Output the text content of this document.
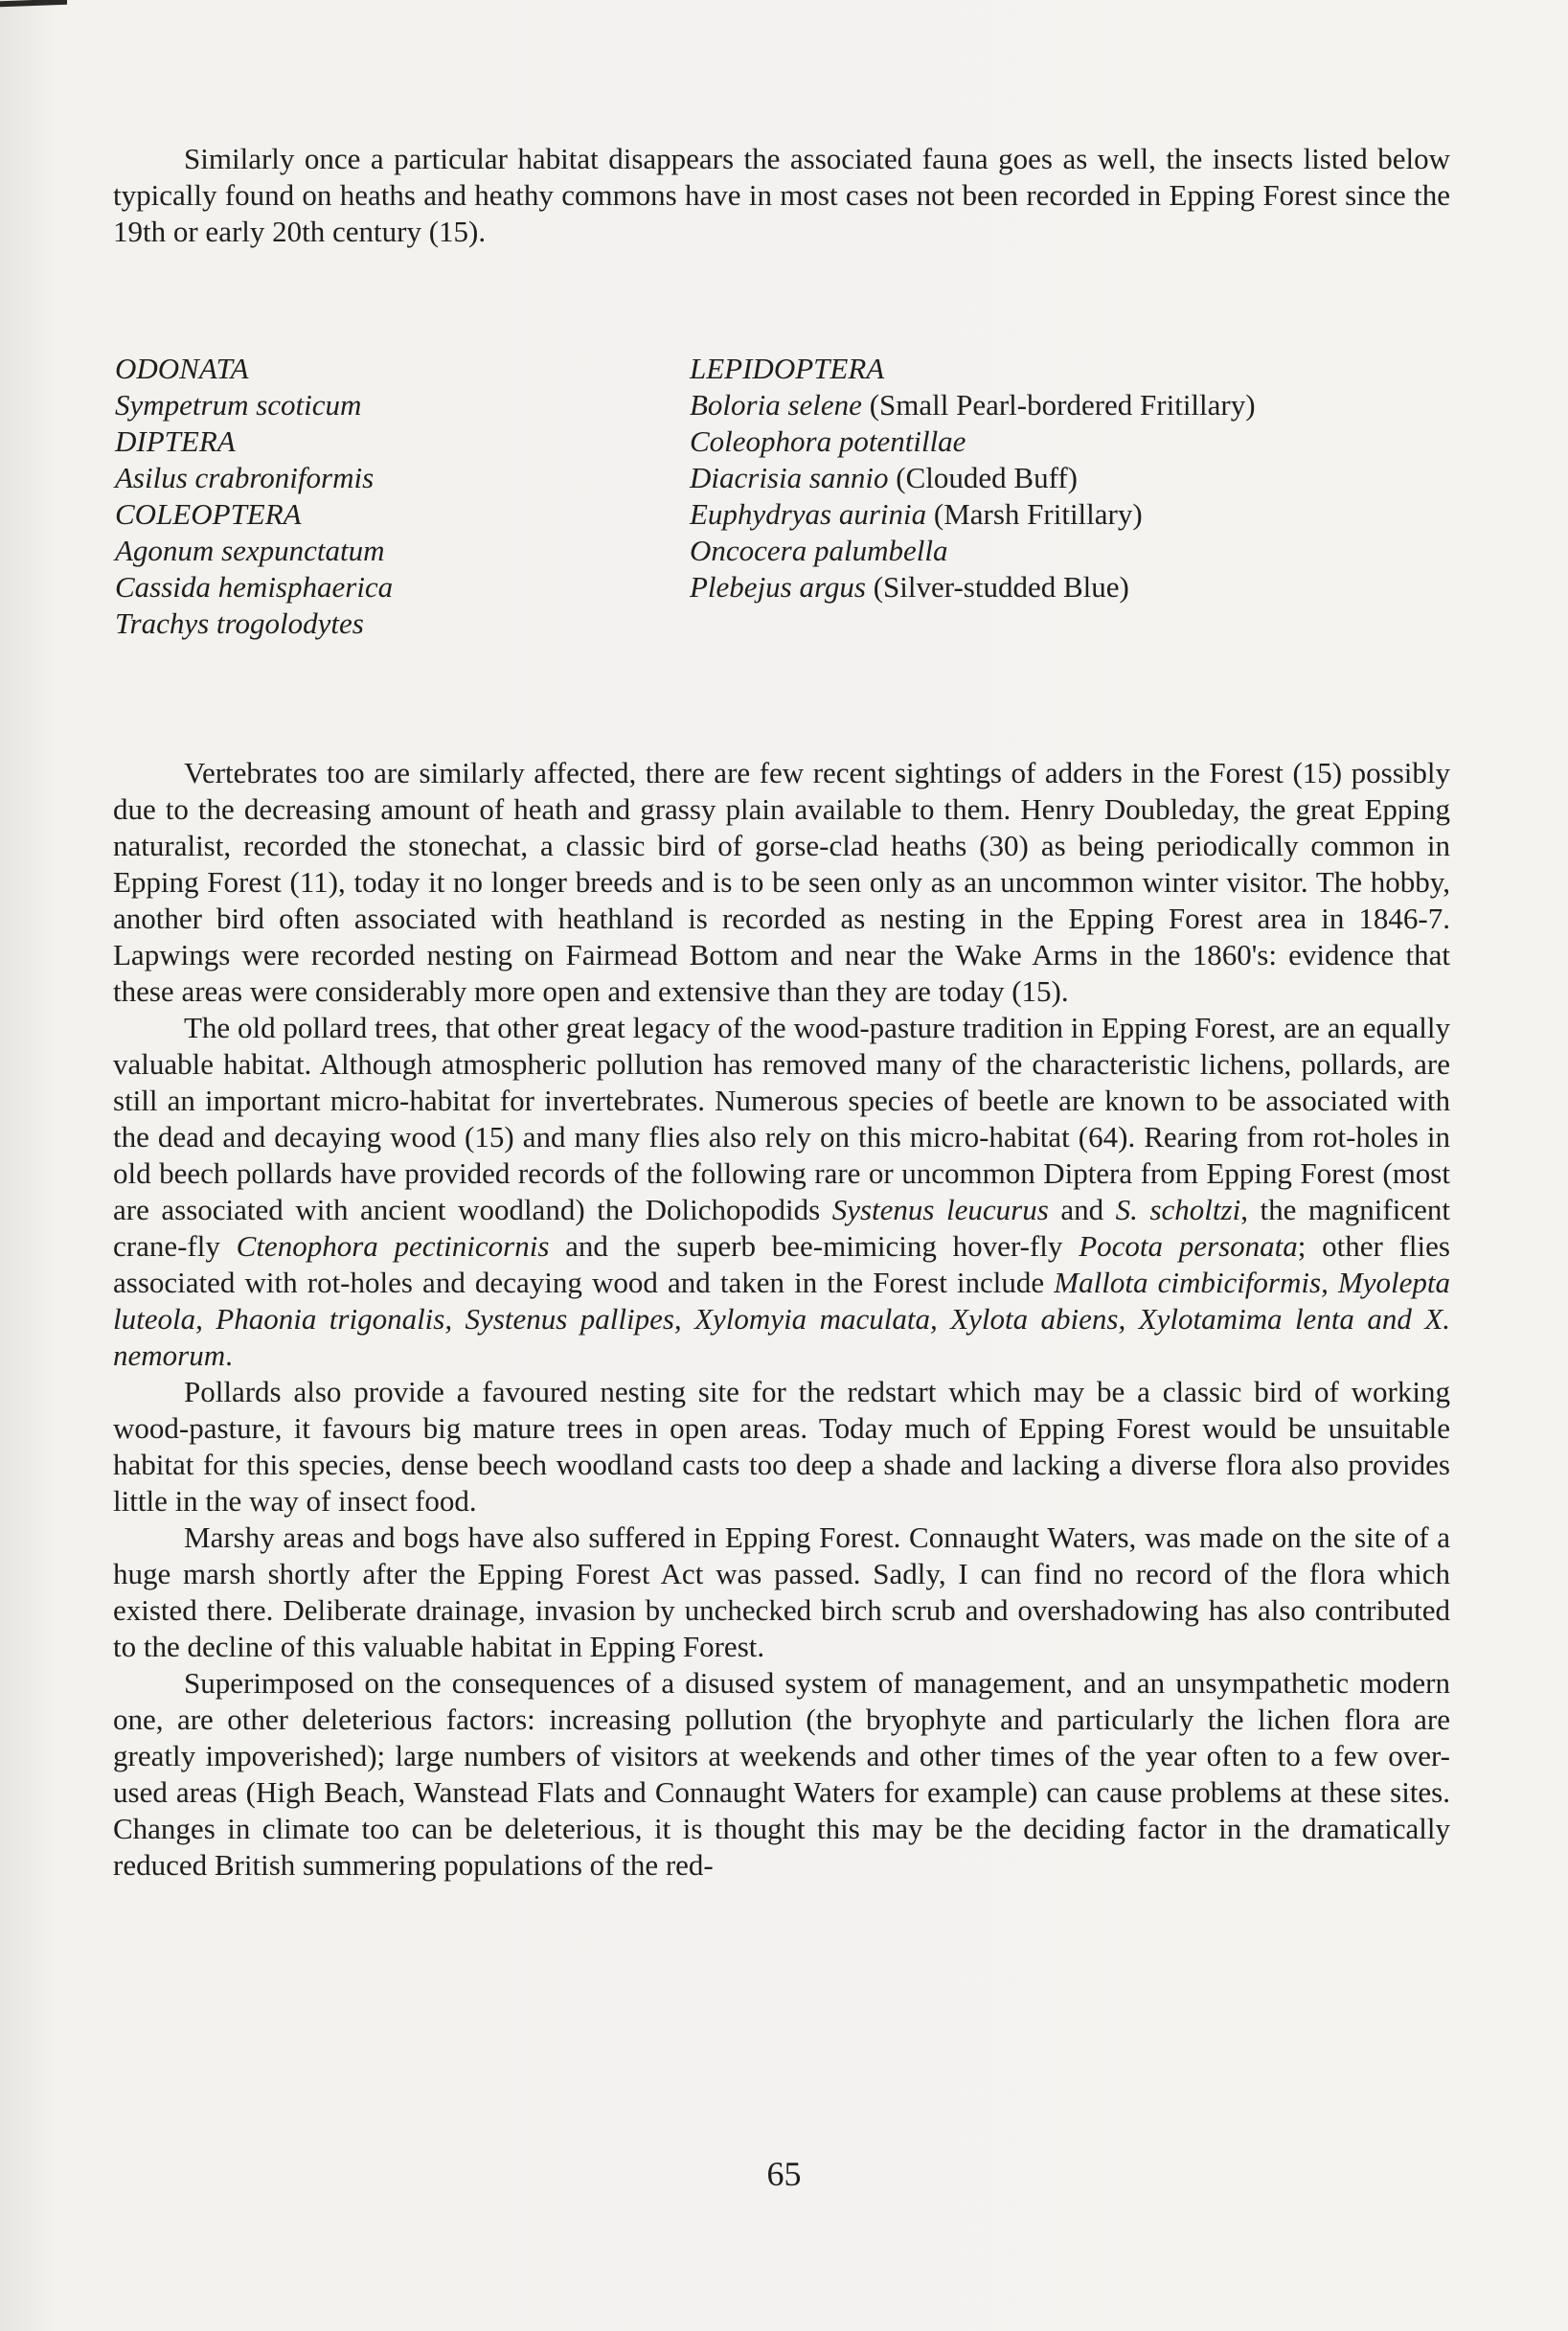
Similarly once a particular habitat disappears the associated fauna goes as well, the insects listed below typically found on heaths and heathy commons have in most cases not been recorded in Epping Forest since the 19th or early 20th century (15).

ODONATA
Sympetrum scoticum
DIPTERA
Asilus crabroniformis
COLEOPTERA
Agonum sexpunctatum
Cassida hemisphaerica
Trachys trogolodytes
LEPIDOPTERA
Boloria selene (Small Pearl-bordered Fritillary)
Coleophora potentillae
Diacrisia sannio (Clouded Buff)
Euphydryas aurinia (Marsh Fritillary)
Oncocera palumbella
Plebejus argus (Silver-studded Blue)

Vertebrates too are similarly affected, there are few recent sightings of adders in the Forest (15) possibly due to the decreasing amount of heath and grassy plain available to them. Henry Doubleday, the great Epping naturalist, recorded the stonechat, a classic bird of gorse-clad heaths (30) as being periodically common in Epping Forest (11), today it no longer breeds and is to be seen only as an uncommon winter visitor. The hobby, another bird often associated with heathland is recorded as nesting in the Epping Forest area in 1846-7. Lapwings were recorded nesting on Fairmead Bottom and near the Wake Arms in the 1860's: evidence that these areas were considerably more open and extensive than they are today (15).

The old pollard trees, that other great legacy of the wood-pasture tradition in Epping Forest, are an equally valuable habitat. Although atmospheric pollution has removed many of the characteristic lichens, pollards, are still an important micro-habitat for invertebrates. Numerous species of beetle are known to be associated with the dead and decaying wood (15) and many flies also rely on this micro-habitat (64). Rearing from rot-holes in old beech pollards have provided records of the following rare or uncommon Diptera from Epping Forest (most are associated with ancient woodland) the Dolichopodids Systenus leucurus and S. scholtzi, the magnificent crane-fly Ctenophora pectinicornis and the superb bee-mimicing hover-fly Pocota personata; other flies associated with rot-holes and decaying wood and taken in the Forest include Mallota cimbiciformis, Myolepta luteola, Phaonia trigonalis, Systenus pallipes, Xylomyia maculata, Xylota abiens, Xylotamima lenta and X. nemorum.

Pollards also provide a favoured nesting site for the redstart which may be a classic bird of working wood-pasture, it favours big mature trees in open areas. Today much of Epping Forest would be unsuitable habitat for this species, dense beech woodland casts too deep a shade and lacking a diverse flora also provides little in the way of insect food.

Marshy areas and bogs have also suffered in Epping Forest. Connaught Waters, was made on the site of a huge marsh shortly after the Epping Forest Act was passed. Sadly, I can find no record of the flora which existed there. Deliberate drainage, invasion by unchecked birch scrub and overshadowing has also contributed to the decline of this valuable habitat in Epping Forest.

Superimposed on the consequences of a disused system of management, and an unsympathetic modern one, are other deleterious factors: increasing pollution (the bryophyte and particularly the lichen flora are greatly impoverished); large numbers of visitors at weekends and other times of the year often to a few over-used areas (High Beach, Wanstead Flats and Connaught Waters for example) can cause problems at these sites. Changes in climate too can be deleterious, it is thought this may be the deciding factor in the dramatically reduced British summering populations of the red-

65
